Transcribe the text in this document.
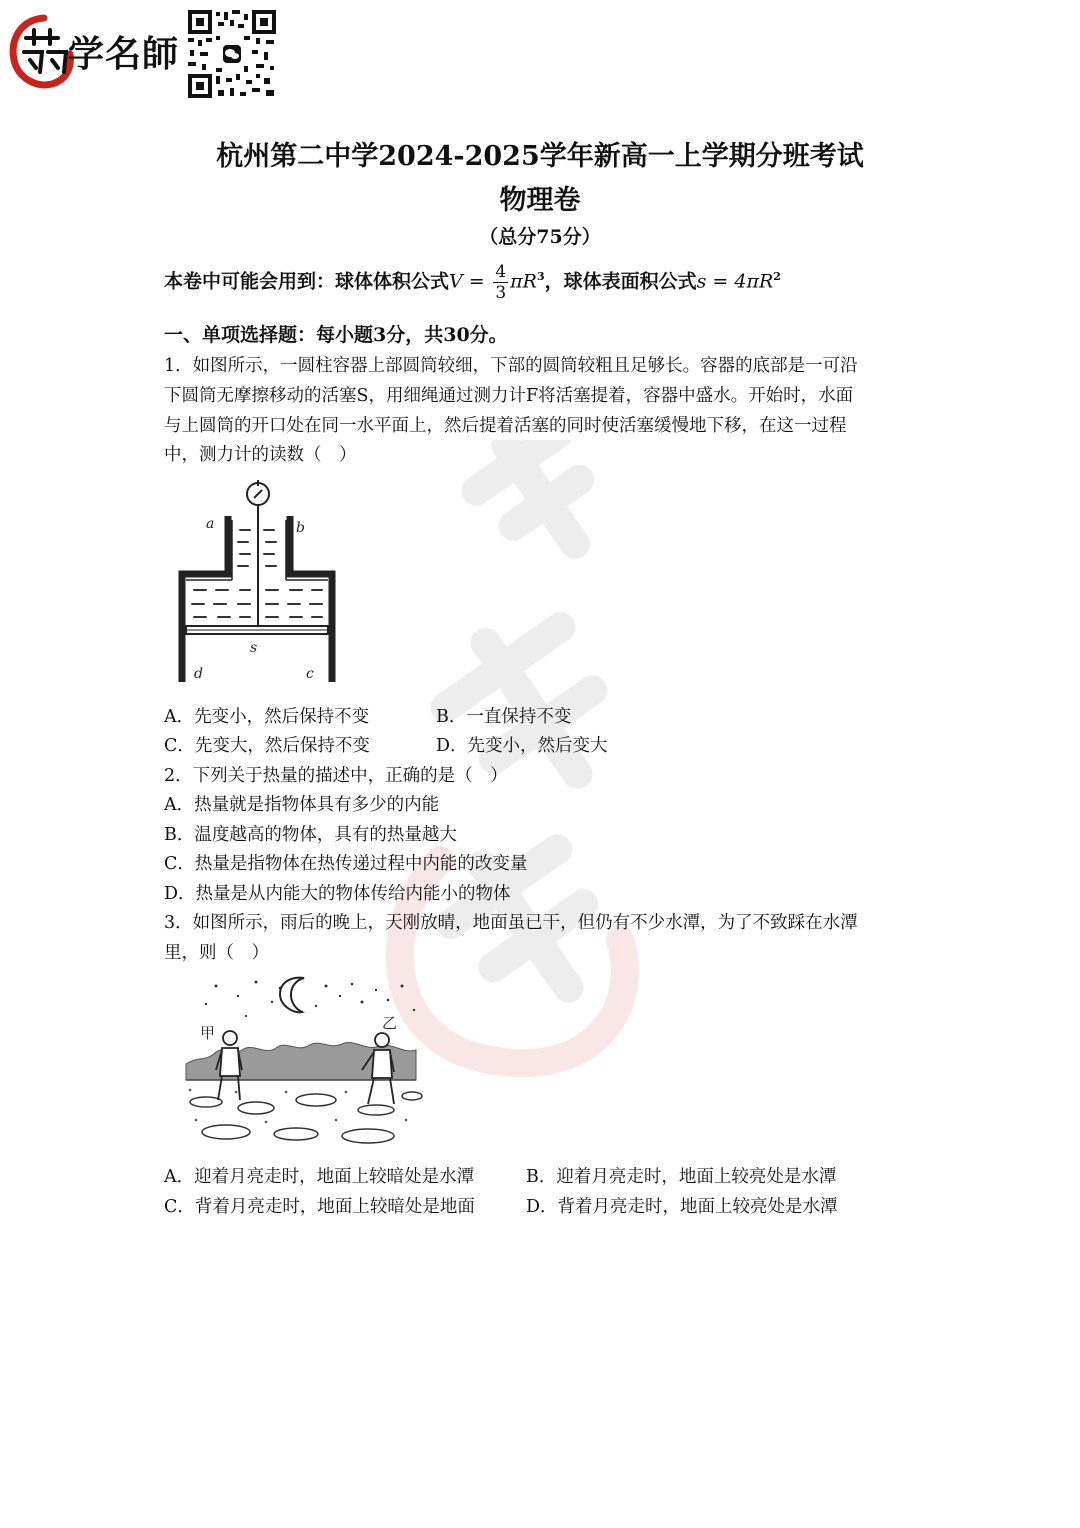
学名師
杭州第二中学2024-2025学年新高一上学期分班考试
物理卷
（总分75分）
本卷中可能会用到：球体体积公式$V = \frac{4}{3} \pi R^3$，球体表面积公式$s = 4\pi R^2$
一、单项选择题：每小题3分，共30分。
1．如图所示，一圆柱容器上部圆筒较细，下部的圆筒较粗且足够长。容器的底部是一可沿
下圆筒无摩擦移动的活塞S，用细绳通过测力计F将活塞提着，容器中盛水。开始时，水面
与上圆筒的开口处在同一水平面上，然后提着活塞的同时使活塞缓慢地下移，在这一过程
中，测力计的读数（　）
a	b
s
d	c
A．先变小，然后保持不变	B．一直保持不变
C．先变大，然后保持不变	D．先变小，然后变大
2．下列关于热量的描述中，正确的是（　）
A．热量就是指物体具有多少的内能
B．温度越高的物体，具有的热量越大
C．热量是指物体在热传递过程中内能的改变量
D．热量是从内能大的物体传给内能小的物体
3．如图所示，雨后的晚上，天刚放晴，地面虽已干，但仍有不少水潭，为了不致踩在水潭
里，则（　）
甲
乙
A．迎着月亮走时，地面上较暗处是水潭	B．迎着月亮走时，地面上较亮处是水潭
C．背着月亮走时，地面上较暗处是地面	D．背着月亮走时，地面上较亮处是水潭
